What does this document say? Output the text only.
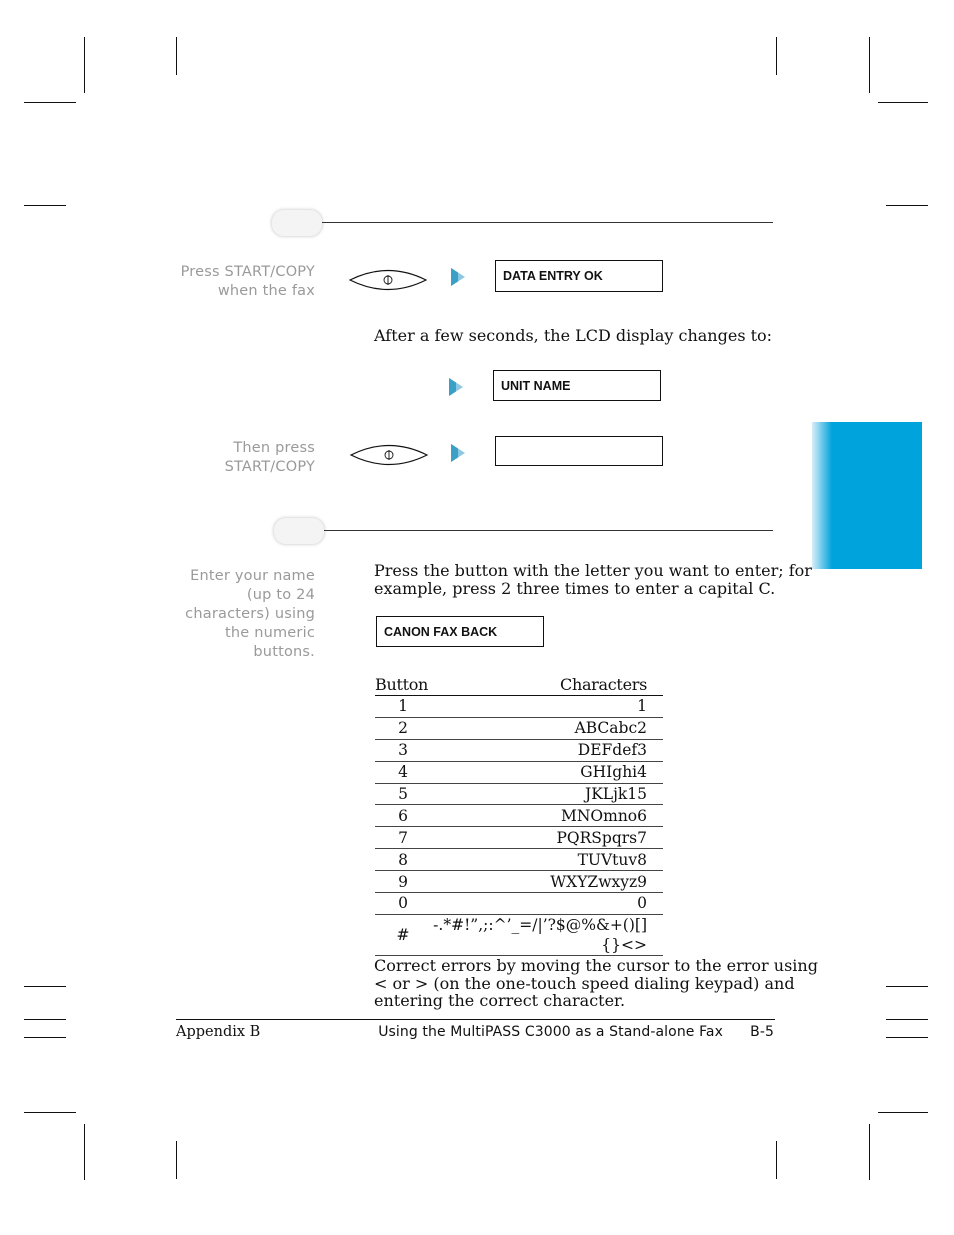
Press START/COPY
when the fax
DATA ENTRY OK
After a few seconds, the LCD display changes to:
UNIT NAME
Then press
START/COPY
Enter your name
(up to 24
characters) using
the numeric
buttons.
Press the button with the letter you want to enter; for
example, press 2 three times to enter a capital C.
CANON FAX BACK
Button	Characters
1	1
2	ABCabc2
3	DEFdef3
4	GHIghi4
5	JKLjk15
6	MNOmno6
7	PQRSpqrs7
8	TUVtuv8
9	WXYZwxyz9
0	0
#	-.*#!”,;:^’_=/|’?$@%&+()[]{}<>
Correct errors by moving the cursor to the error using
< or > (on the one-touch speed dialing keypad) and
entering the correct character.
Appendix B	Using the MultiPASS C3000 as a Stand-alone Fax B-5
